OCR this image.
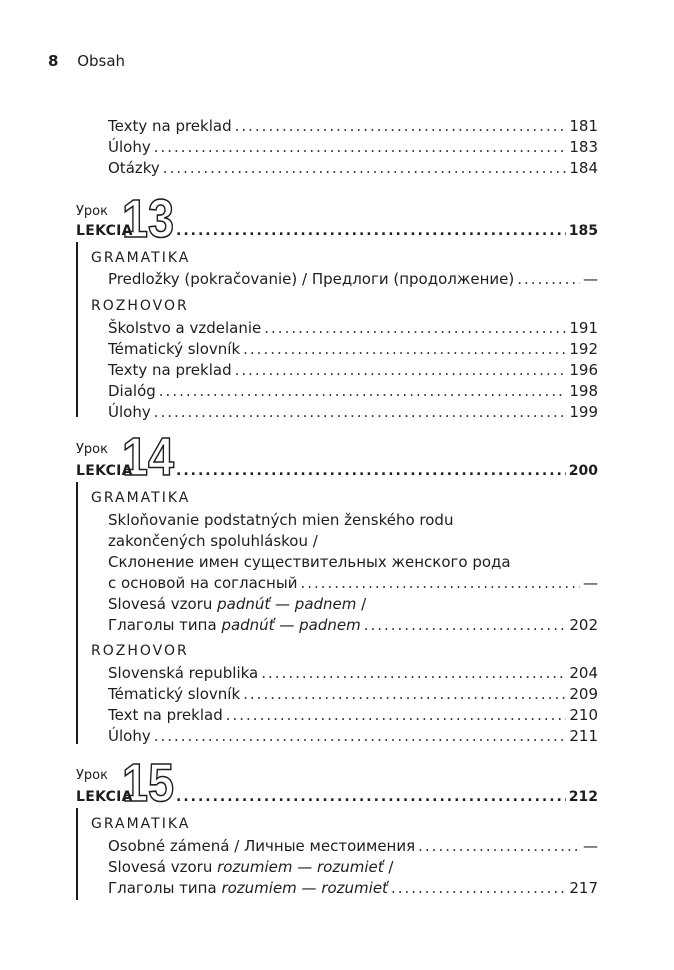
8 Obsah
Texty na preklad .....	181
Úlohy .....	183
Otázky .....	184
Урок 13
LEKCIA .....	185
GRAMATIKA
Predložky (pokračovanie) / Предлоги (продолжение) .....	—
ROZHOVOR
Školstvo a vzdelanie .....	191
Tématický slovník .....	192
Texty na preklad .....	196
Dialóg .....	198
Úlohy .....	199
Урок 14
LEKCIA .....	200
GRAMATIKA
Skloňovanie podstatných mien ženského rodu
zakončených spoluhláskou /
Склонение имен существительных женского рода
с основой на согласный .....	—
Slovesá vzoru padnúť — padnem /
Глаголы типа padnúť — padnem .....	202
ROZHOVOR
Slovenská republika .....	204
Tématický slovník .....	209
Text na preklad .....	210
Úlohy .....	211
Урок 15
LEKCIA .....	212
GRAMATIKA
Osobné zámená / Личные местоимения .....	—
Slovesá vzoru rozumiem — rozumieť /
Глаголы типа rozumiem — rozumieť .....	217
